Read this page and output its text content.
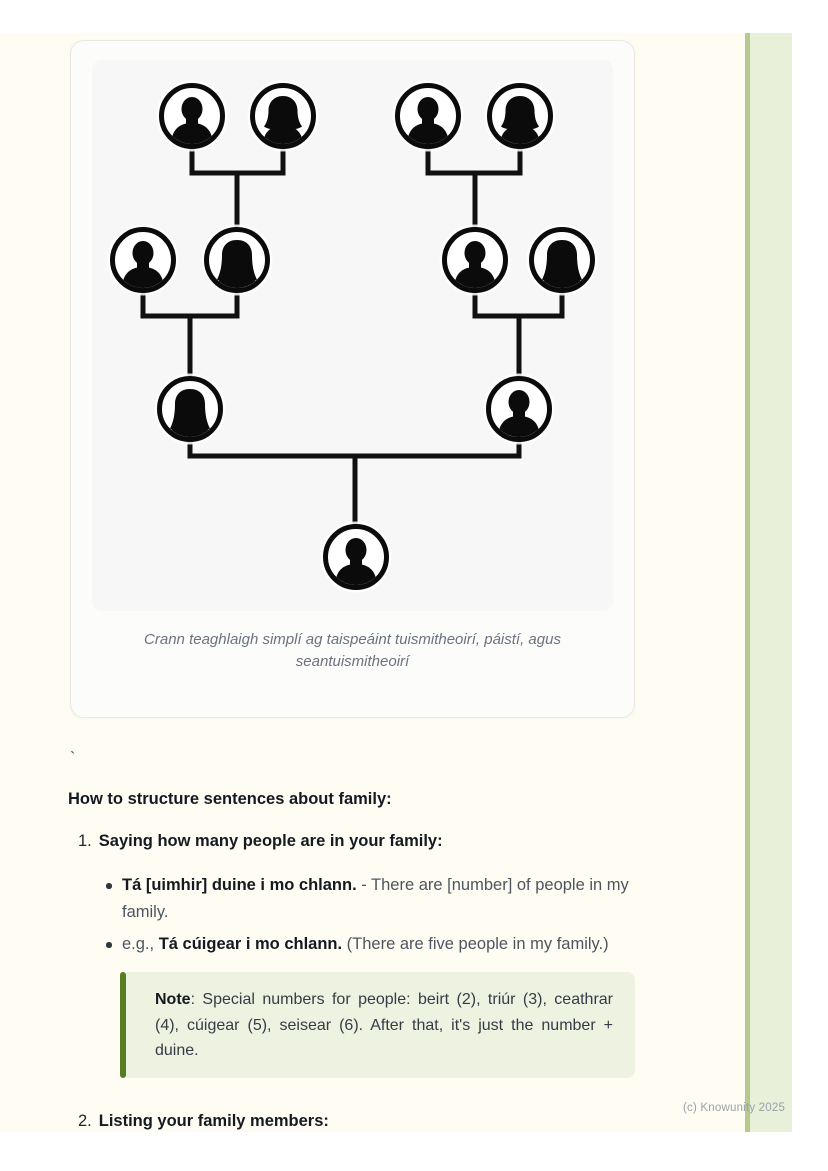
Crann teaghlaigh simplí ag taispeáint tuismitheoirí, páistí, agus seantuismitheoirí
`
How to structure sentences about family:
1. Saying how many people are in your family:
Tá [uimhir] duine i mo chlann. - There are [number] of people in my family.
e.g., Tá cúigear i mo chlann. (There are five people in my family.)
Note: Special numbers for people: beirt (2), triúr (3), ceathrar (4), cúigear (5), seisear (6). After that, it's just the number + duine.
2. Listing your family members:
(c) Knowunity 2025
